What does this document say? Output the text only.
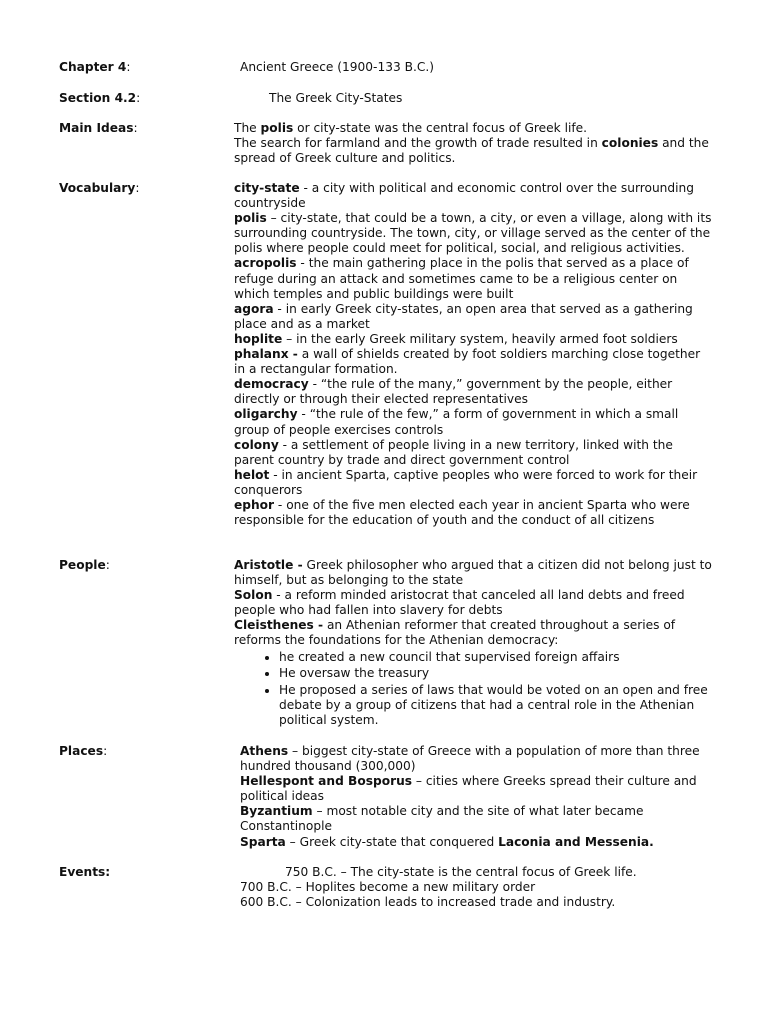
Chapter 4:	Ancient Greece (1900-133 B.C.)
Section 4.2:	The Greek City-States
Main Ideas:	The polis or city-state was the central focus of Greek life.

The search for farmland and the growth of trade resulted in colonies and the spread of Greek culture and politics.

Vocabulary:	city-state - a city with political and economic control over the surrounding countryside

polis – city-state, that could be a town, a city, or even a village, along with its surrounding countryside. The town, city, or village served as the center of the polis where people could meet for political, social, and religious activities.

acropolis - the main gathering place in the polis that served as a place of refuge during an attack and sometimes came to be a religious center on which temples and public buildings were built

agora - in early Greek city-states, an open area that served as a gathering place and as a market

hoplite – in the early Greek military system, heavily armed foot soldiers

phalanx - a wall of shields created by foot soldiers marching close together in a rectangular formation.

democracy - “the rule of the many,” government by the people, either directly or through their elected representatives

oligarchy - “the rule of the few,” a form of government in which a small group of people exercises controls

colony - a settlement of people living in a new territory, linked with the parent country by trade and direct government control

helot - in ancient Sparta, captive peoples who were forced to work for their conquerors

ephor - one of the five men elected each year in ancient Sparta who were responsible for the education of youth and the conduct of all citizens

People:	Aristotle - Greek philosopher who argued that a citizen did not belong just to himself, but as belonging to the state

Solon - a reform minded aristocrat that canceled all land debts and freed people who had fallen into slavery for debts

Cleisthenes - an Athenian reformer that created throughout a series of reforms the foundations for the Athenian democracy:

• he created a new council that supervised foreign affairs
• He oversaw the treasury
• He proposed a series of laws that would be voted on an open and free debate by a group of citizens that had a central role in the Athenian political system.
Places:	Athens – biggest city-state of Greece with a population of more than three hundred thousand (300,000)

Hellespont and Bosporus – cities where Greeks spread their culture and political ideas

Byzantium – most notable city and the site of what later became Constantinople

Sparta – Greek city-state that conquered Laconia and Messenia.

Events:	750 B.C. – The city-state is the central focus of Greek life.

700 B.C. – Hoplites become a new military order

600 B.C. – Colonization leads to increased trade and industry.
